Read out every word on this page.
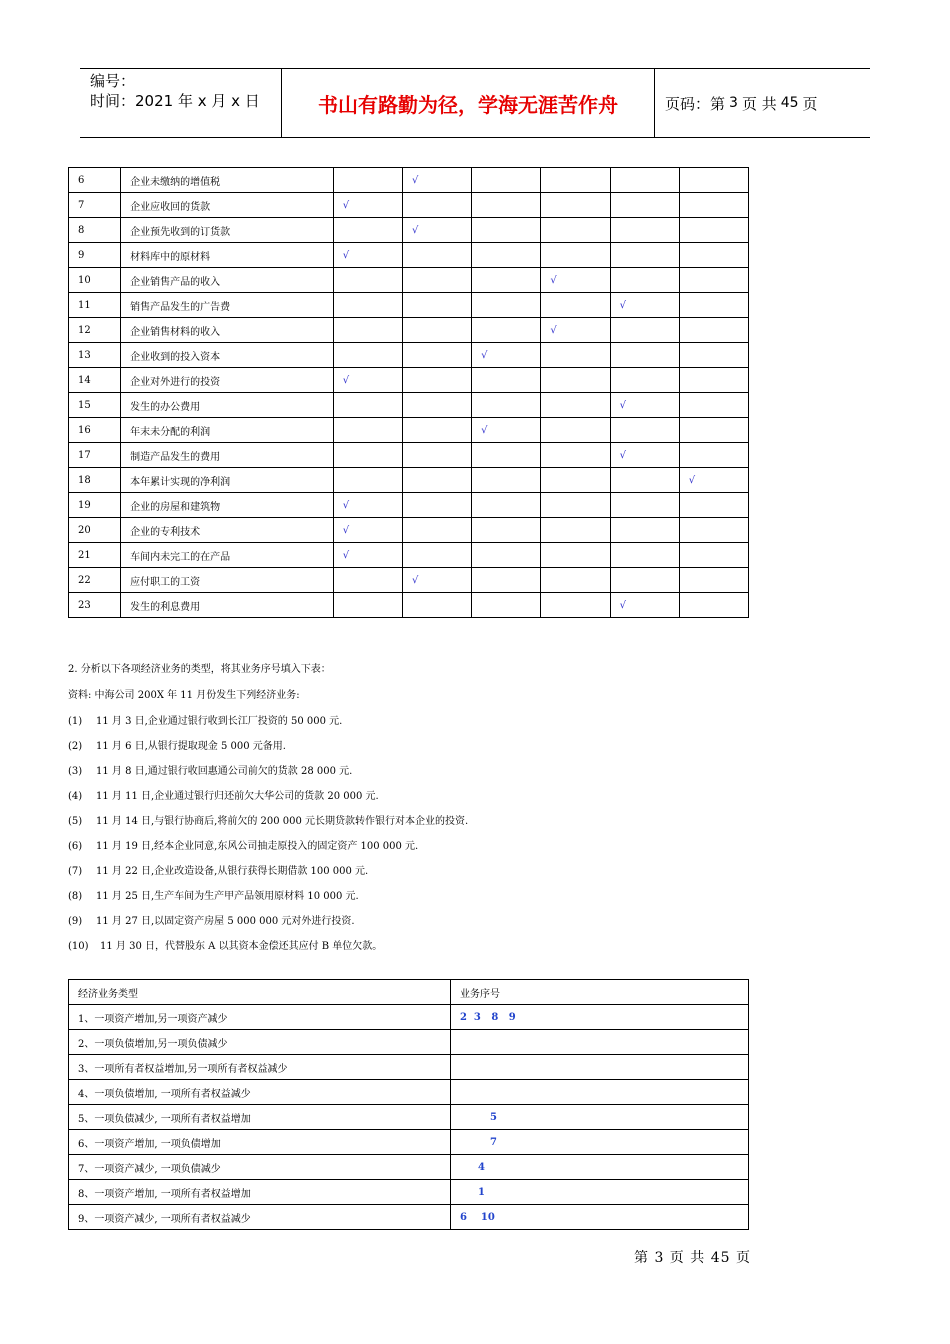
编号：
时间：2021 年 x 月 x 日	书山有路勤为径，学海无涯苦作舟	页码：第 3 页 共 45 页
6	企业未缴纳的增值税		√				
7	企业应收回的货款	√					
8	企业预先收到的订货款		√				
9	材料库中的原材料	√					
10	企业销售产品的收入				√		
11	销售产品发生的广告费					√	
12	企业销售材料的收入				√		
13	企业收到的投入资本			√			
14	企业对外进行的投资	√					
15	发生的办公费用					√	
16	年末未分配的利润			√			
17	制造产品发生的费用					√	
18	本年累计实现的净利润						√
19	企业的房屋和建筑物	√					
20	企业的专利技术	√					
21	车间内未完工的在产品	√					
22	应付职工的工资		√				
23	发生的利息费用					√	
2. 分析以下各项经济业务的类型，将其业务序号填入下表：
资料: 中海公司 200X 年 11 月份发生下列经济业务:
(1) 11 月 3 日,企业通过银行收到长江厂投资的 50 000 元.
(2) 11 月 6 日,从银行提取现金 5 000 元备用.
(3) 11 月 8 日,通过银行收回惠通公司前欠的货款 28 000 元.
(4) 11 月 11 日,企业通过银行归还前欠大华公司的货款 20 000 元.
(5) 11 月 14 日,与银行协商后,将前欠的 200 000 元长期贷款转作银行对本企业的投资.
(6) 11 月 19 日,经本企业同意,东风公司抽走原投入的固定资产 100 000 元.
(7) 11 月 22 日,企业改造设备,从银行获得长期借款 100 000 元.
(8) 11 月 25 日,生产车间为生产甲产品领用原材料 10 000 元.
(9) 11 月 27 日,以固定资产房屋 5 000 000 元对外进行投资.
(10) 11 月 30 日，代替股东 A 以其资本金偿还其应付 B 单位欠款。
经济业务类型	业务序号
1、一项资产增加,另一项资产减少	2  3   8   9
2、一项负债增加,另一项负债减少	
3、一项所有者权益增加,另一项所有者权益减少	
4、一项负债增加, 一项所有者权益减少	
5、一项负债减少, 一项所有者权益增加	5
6、一项资产增加, 一项负债增加	7
7、一项资产减少, 一项负债减少	4
8、一项资产增加, 一项所有者权益增加	1
9、一项资产减少, 一项所有者权益减少	6    10
第 3 页 共 45 页
